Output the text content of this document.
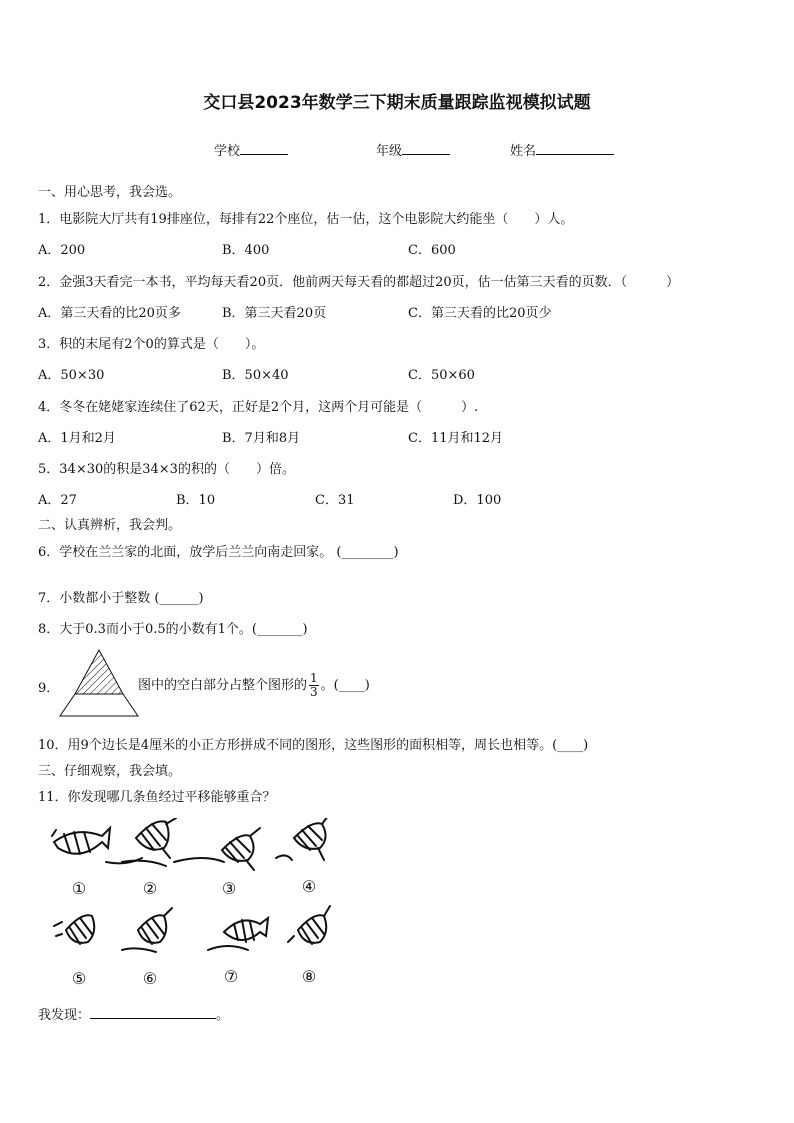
交口县2023年数学三下期末质量跟踪监视模拟试题
学校	年级	姓名
一、用心思考，我会选。
1．电影院大厅共有19排座位，每排有22个座位，估一估，这个电影院大约能坐（　　）人。
A．200	B．400	C．600
2．金强3天看完一本书，平均每天看20页．他前两天每天看的都超过20页，估一估第三天看的页数．（　　　）
A．第三天看的比20页多	B．第三天看20页	C．第三天看的比20页少
3．积的末尾有2个0的算式是（　　）。
A．50×30	B．50×40	C．50×60
4．冬冬在姥姥家连续住了62天，正好是2个月，这两个月可能是（　　　）.
A．1月和2月	B．7月和8月	C．11月和12月
5．34×30的积是34×3的积的（　　）倍。
A．27	B．10	C．31	D．100
二、认真辨析，我会判。
6．学校在兰兰家的北面，放学后兰兰向南走回家。 (________)
7．小数都小于整数 (______)
8．大于0.3而小于0.5的小数有1个。(_______)
9．	图中的空白部分占整个图形的 $\frac{1}{3}$ 。(____)
10．用9个边长是4厘米的小正方形拼成不同的图形，这些图形的面积相等，周长也相等。(____)
三、仔细观察，我会填。
11．你发现哪几条鱼经过平移能够重合？
①	②	③	④
⑤	⑥	⑦	⑧
我发现：	。
